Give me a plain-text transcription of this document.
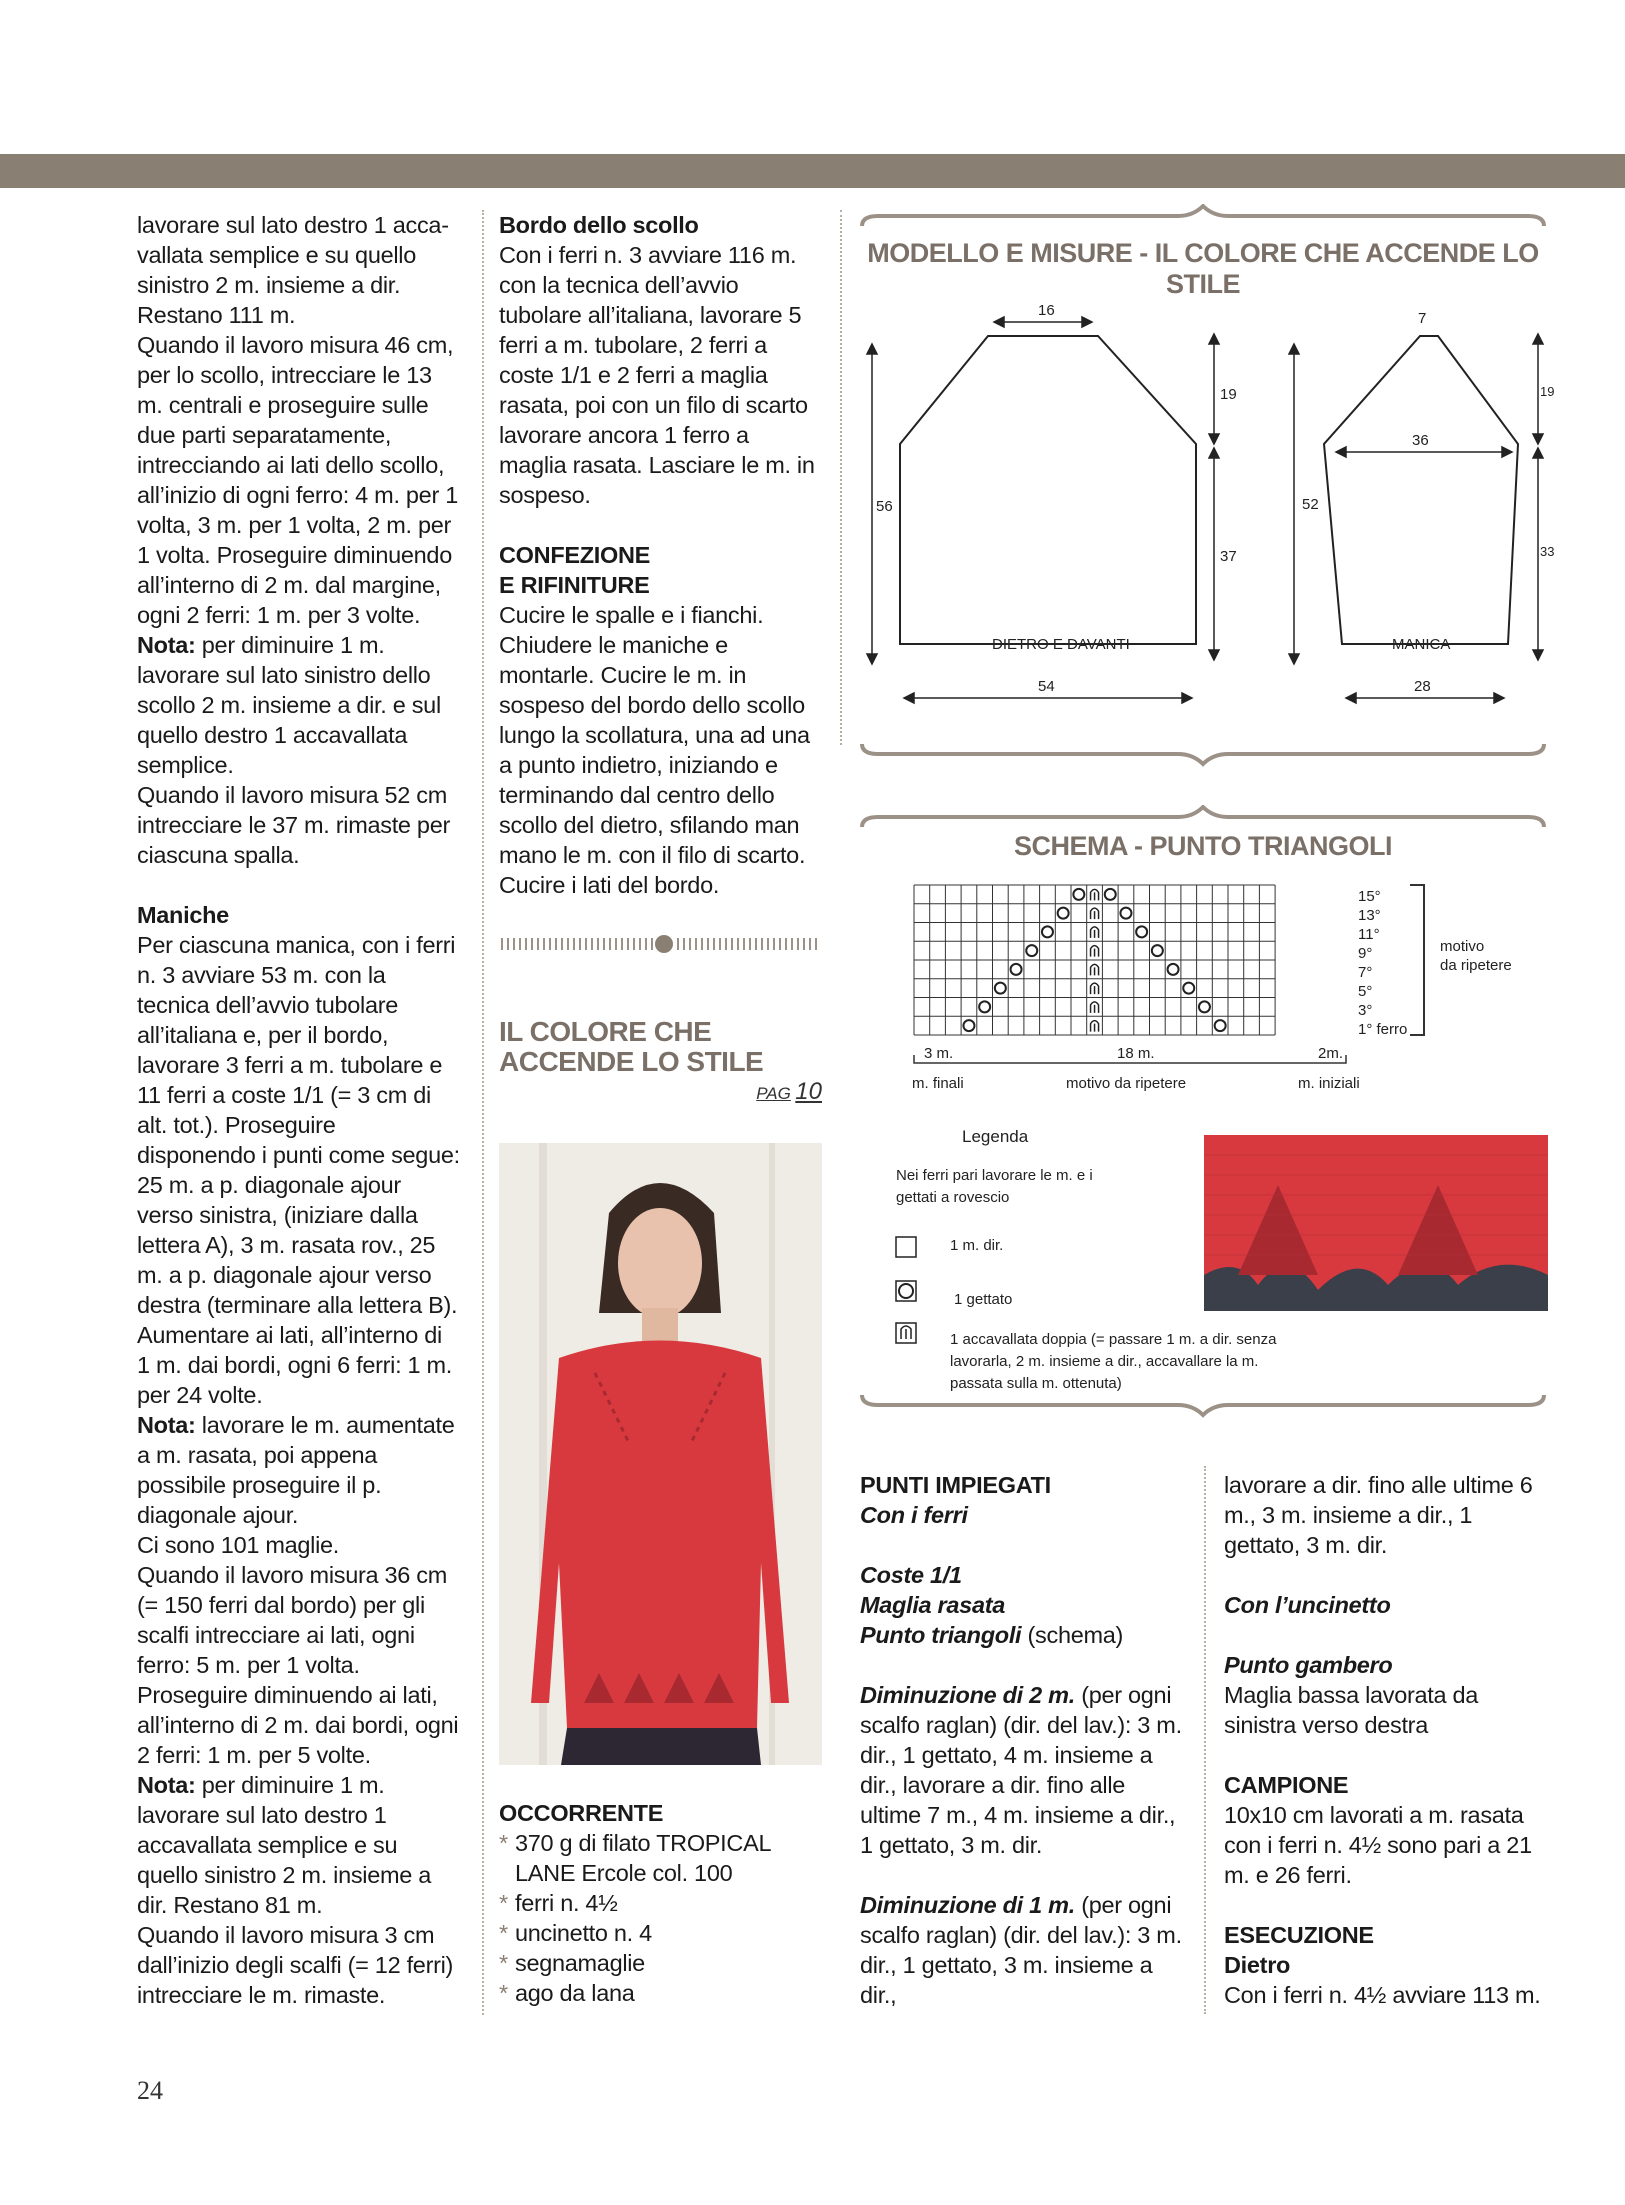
lavorare sul lato destro 1 acca-vallata semplice e su quello sinistro 2 m. insieme a dir. Restano 111 m.

Quando il lavoro misura 46 cm, per lo scollo, intrecciare le 13 m. centrali e proseguire sulle due parti separatamente, intrecciando ai lati dello scollo, all’inizio di ogni ferro: 4 m. per 1 volta, 3 m. per 1 volta, 2 m. per 1 volta. Proseguire diminuendo all’interno di 2 m. dal margine, ogni 2 ferri: 1 m. per 3 volte.

Nota: per diminuire 1 m. lavorare sul lato sinistro dello scollo 2 m. insieme a dir. e sul quello destro 1 accavallata semplice.

Quando il lavoro misura 52 cm intrecciare le 37 m. rimaste per ciascuna spalla.

Maniche

Per ciascuna manica, con i ferri n. 3 avviare 53 m. con la tecnica dell’avvio tubolare all’italiana e, per il bordo, lavorare 3 ferri a m. tubolare e 11 ferri a coste 1/1 (= 3 cm di alt. tot.). Proseguire disponendo i punti come segue: 25 m. a p. diagonale ajour verso sinistra, (iniziare dalla lettera A), 3 m. rasata rov., 25 m. a p. diagonale ajour verso destra (terminare alla lettera B). Aumentare ai lati, all’interno di 1 m. dai bordi, ogni 6 ferri: 1 m. per 24 volte.

Nota: lavorare le m. aumentate a m. rasata, poi appena possibile proseguire il p. diagonale ajour.

Ci sono 101 maglie.

Quando il lavoro misura 36 cm (= 150 ferri dal bordo) per gli scalfi intrecciare ai lati, ogni ferro: 5 m. per 1 volta. Proseguire diminuendo ai lati, all’interno di 2 m. dai bordi, ogni 2 ferri: 1 m. per 5 volte.

Nota: per diminuire 1 m. lavorare sul lato destro 1 accavallata semplice e su quello sinistro 2 m. insieme a dir. Restano 81 m.

Quando il lavoro misura 3 cm dall’inizio degli scalfi (= 12 ferri) intrecciare le m. rimaste.

Bordo dello scollo

Con i ferri n. 3 avviare 116 m. con la tecnica dell’avvio tubolare all’italiana, lavorare 5 ferri a m. tubolare, 2 ferri a coste 1/1 e 2 ferri a maglia rasata, poi con un filo di scarto lavorare ancora 1 ferro a maglia rasata. Lasciare le m. in sospeso.

CONFEZIONE

E RIFINITURE

Cucire le spalle e i fianchi. Chiudere le maniche e montarle. Cucire le m. in sospeso del bordo dello scollo lungo la scollatura, una ad una a punto indietro, iniziando e terminando dal centro dello scollo del dietro, sfilando man mano le m. con il filo di scarto. Cucire i lati del bordo.

IL COLORE CHE
ACCENDE LO STILE
PAG 10

OCCORRENTE

* 370 g di filato TROPICAL LANE Ercole col. 100
* ferri n. 4½
* uncinetto n. 4
* segnamaglie
* ago da lana
MODELLO E MISURE - IL COLORE CHE ACCENDE LO STILE
16
56
19
37
54
DIETRO E DAVANTI
7
36
19
52
33
28
MANICA
SCHEMA - PUNTO TRIANGOLI
15°
13°
11°
9°
7°
5°
3°
1° ferro
motivo
da ripetere
3 m.	18 m.	2m.
m. finali	motivo da ripetere	m. iniziali
Legenda
Nei ferri pari lavorare le m. e i gettati a rovescio
1 m. dir.
1 gettato
1 accavallata doppia (= passare 1 m. a dir. senza lavorarla, 2 m. insieme a dir., accavallare la m. passata sulla m. ottenuta)

PUNTI IMPIEGATI

Con i ferri

Coste 1/1

Maglia rasata

Punto triangoli (schema)

Diminuzione di 2 m. (per ogni scalfo raglan) (dir. del lav.): 3 m. dir., 1 gettato, 4 m. insieme a dir., lavorare a dir. fino alle ultime 7 m., 4 m. insieme a dir., 1 gettato, 3 m. dir.

Diminuzione di 1 m. (per ogni scalfo raglan) (dir. del lav.): 3 m. dir., 1 gettato, 3 m. insieme a dir.,

lavorare a dir. fino alle ultime 6 m., 3 m. insieme a dir., 1 gettato, 3 m. dir.

Con l’uncinetto

Punto gambero

Maglia bassa lavorata da sinistra verso destra

CAMPIONE

10x10 cm lavorati a m. rasata con i ferri n. 4½ sono pari a 21 m. e 26 ferri.

ESECUZIONE

Dietro

Con i ferri n. 4½ avviare 113 m.

24
